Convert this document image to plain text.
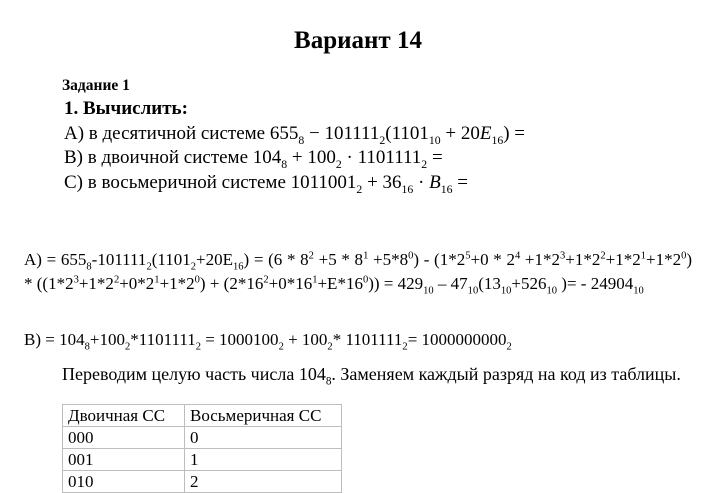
Вариант 14
Задание 1
1. Вычислить:
A) в десятичной системе $655_8 - 101111_2(1101_{10} + 20E_{16})$ =
B) в двоичной системе $104_8 + 100_2 \cdot 1101111_2$ =
C) в восьмеричной системе $1011001_2 + 36_{16} \cdot B_{16}$ =
$A) = 655_8-101111_2(1101_2+20E_{16}) = (6 * 8^2 +5 * 8^1 +5*8^0) - (1*2^5+0 * 2^4 +1*2^3+1*2^2+1*2^1+1*2^0) * ((1*2^3+1*2^2+0*2^1+1*2^0) + (2*16^2+0*16^1+E*16^0)) = 429_{10} - 47_{10}(13_{10}+526_{10}$ )= - $24904_{10}$
$B) = 104_8+100_2*1101111_2 = 1000100_2 + 100_2*$ $1101111_2= 1000000000_2$
Переводим целую часть числа $104_8$. Заменяем каждый разряд на код из таблицы.
Двоичная СС	Восьмеричная СС
000	0
001	1
010	2
